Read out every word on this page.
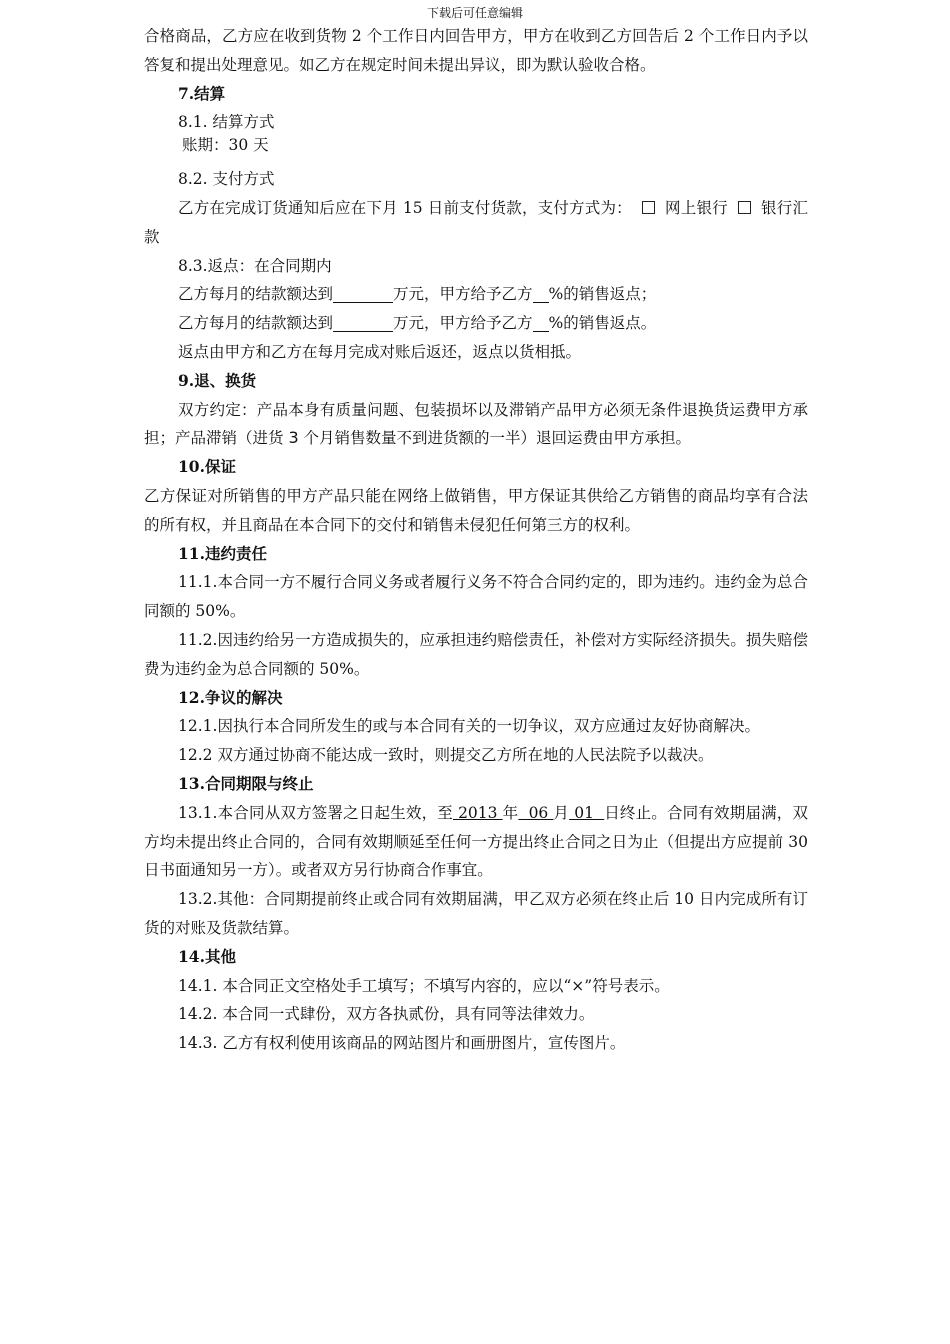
下载后可任意编辑

合格商品，乙方应在收到货物 2 个工作日内回告甲方，甲方在收到乙方回告后 2 个工作日内予以答复和提出处理意见。如乙方在规定时间未提出异议，即为默认验收合格。

7.结算

8.1. 结算方式

账期：30 天

8.2. 支付方式

乙方在完成订货通知后应在下月 15 日前支付货款，支付方式为： 网上银行 银行汇款

8.3.返点：在合同期内

乙方每月的结款额达到	万元，甲方给予乙方 %的销售返点；

乙方每月的结款额达到	万元，甲方给予乙方 %的销售返点。

返点由甲方和乙方在每月完成对账后返还，返点以货相抵。

9.退、换货

双方约定：产品本身有质量问题、包装损坏以及滞销产品甲方必须无条件退换货运费甲方承担；产品滞销（进货 3 个月销售数量不到进货额的一半）退回运费由甲方承担。

10.保证

乙方保证对所销售的甲方产品只能在网络上做销售，甲方保证其供给乙方销售的商品均享有合法的所有权，并且商品在本合同下的交付和销售未侵犯任何第三方的权利。

11.违约责任

11.1.本合同一方不履行合同义务或者履行义务不符合合同约定的，即为违约。违约金为总合同额的 50%。

11.2.因违约给另一方造成损失的，应承担违约赔偿责任，补偿对方实际经济损失。损失赔偿费为违约金为总合同额的 50%。

12.争议的解决

12.1.因执行本合同所发生的或与本合同有关的一切争议，双方应通过友好协商解决。

12.2 双方通过协商不能达成一致时，则提交乙方所在地的人民法院予以裁决。

13.合同期限与终止

13.1.本合同从双方签署之日起生效，至 2013 年  06 月 01  日终止。合同有效期届满，双方均未提出终止合同的，合同有效期顺延至任何一方提出终止合同之日为止（但提出方应提前 30 日书面通知另一方）。或者双方另行协商合作事宜。

13.2.其他：合同期提前终止或合同有效期届满，甲乙双方必须在终止后 10 日内完成所有订货的对账及货款结算。

14.其他

14.1. 本合同正文空格处手工填写；不填写内容的，应以“×”符号表示。

14.2. 本合同一式肆份，双方各执贰份，具有同等法律效力。

14.3. 乙方有权利使用该商品的网站图片和画册图片，宣传图片。
